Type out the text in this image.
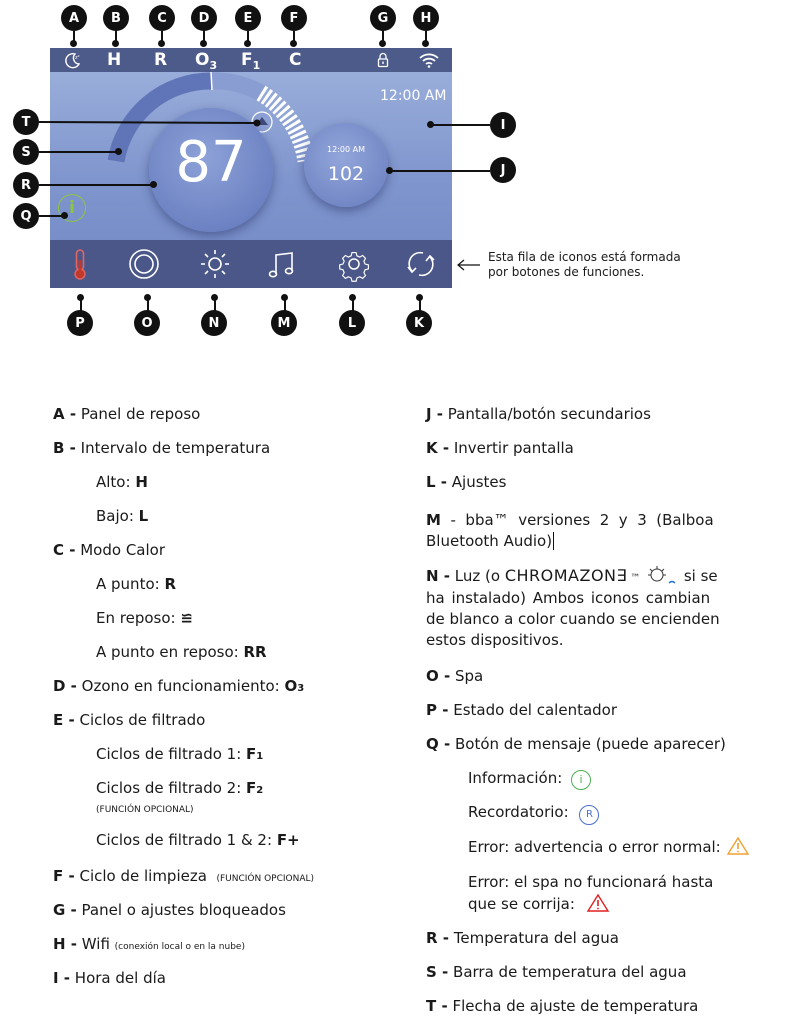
A	B	C	D	E	F	G	H
z² H R $O_3$ $F_1$ C
87
12:00 AM
12:00 AM
102
i
T
S
R
Q
I
J
Esta fila de iconos está formada
por botones de funciones.
P	O	N	M	L	K
A - Panel de reposo
B - Intervalo de temperatura
Alto: H
Bajo: L
C - Modo Calor
A punto: R
En reposo: ≌
A punto en reposo: RR
D - Ozono en funcionamiento: O3
E - Ciclos de filtrado
Ciclos de filtrado 1: F1
Ciclos de filtrado 2: F2
(FUNCIÓN OPCIONAL)
Ciclos de filtrado 1 & 2: F+
F - Ciclo de limpieza (FUNCIÓN OPCIONAL)
G - Panel o ajustes bloqueados
H - Wifi (conexión local o en la nube)
I - Hora del día
J - Pantalla/botón secundarios
K - Invertir pantalla
L - Ajustes
M  -  bba™  versiones  2  y  3  (Balboa
Bluetooth Audio)
N - Luz (o CHROMAZON∃ ™	si se
ha instalado) Ambos iconos cambian
de blanco a color cuando se encienden
estos dispositivos.
O - Spa
P - Estado del calentador
Q - Botón de mensaje (puede aparecer)
Información: i
Recordatorio: R
Error: advertencia o error normal:
Error: el spa no funcionará hasta
que se corrija:
R - Temperatura del agua
S - Barra de temperatura del agua
T - Flecha de ajuste de temperatura
